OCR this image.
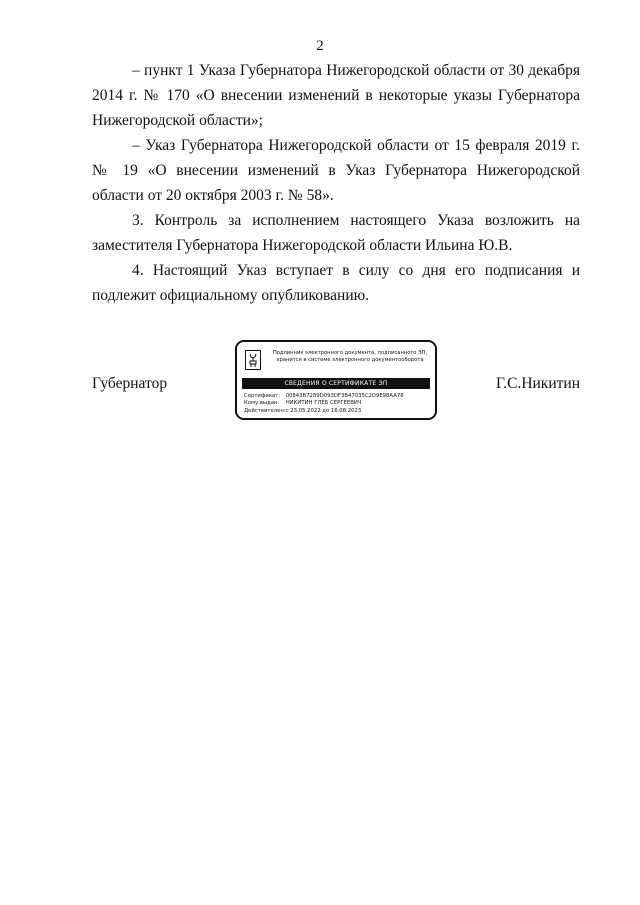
2

– пункт 1 Указа Губернатора Нижегородской области от 30 декабря 2014 г. № 170 «О внесении изменений в некоторые указы Губернатора Нижегородской области»;

– Указ Губернатора Нижегородской области от 15 февраля 2019 г. № 19 «О внесении изменений в Указ Губернатора Нижегородской области от 20 октября 2003 г. № 58».

3. Контроль за исполнением настоящего Указа возложить на заместителя Губернатора Нижегородской области Ильина Ю.В.

4. Настоящий Указ вступает в силу со дня его подписания и подлежит официальному опубликованию.

Губернатор
Подлинник электронного документа, подписанного ЭП,
хранится в системе электронного документооборота
СВЕДЕНИЯ О СЕРТИФИКАТЕ ЭП
Сертификат: 00843B7289D093DF3B47035C2D9E98AA78
Кому выдан: НИКИТИН ГЛЕБ СЕРГЕЕВИЧ
Действителен: с 23.05.2022 до 16.08.2023
Г.С.Никитин
